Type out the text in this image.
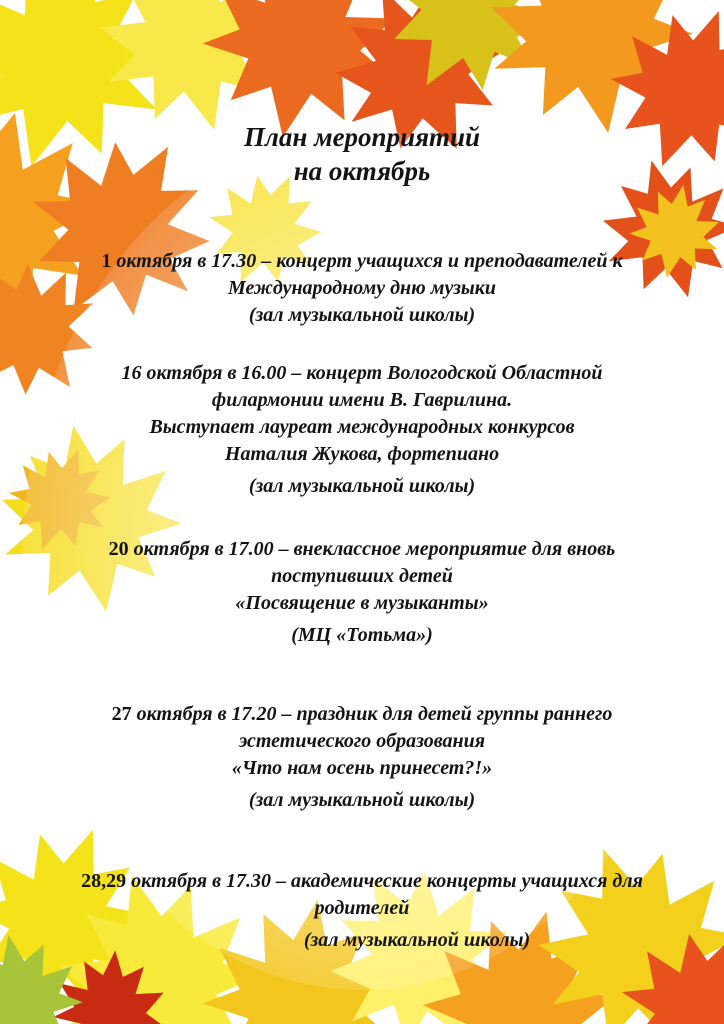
План мероприятий
на октябрь
1 октября в 17.30 – концерт учащихся и преподавателей к
Международному дню музыки
(зал музыкальной школы)
16 октября в 16.00 – концерт Вологодской Областной
филармонии имени В. Гаврилина.
Выступает лауреат международных конкурсов
Наталия Жукова, фортепиано
(зал музыкальной школы)
20 октября в 17.00 – внеклассное мероприятие для вновь
поступивших детей
«Посвящение в музыканты»
(МЦ «Тотьма»)
27 октября в 17.20 – праздник для детей группы раннего
эстетического образования
«Что нам осень принесет?!»
(зал музыкальной школы)
28,29 октября в 17.30 – академические концерты учащихся для
родителей
(зал музыкальной школы)
